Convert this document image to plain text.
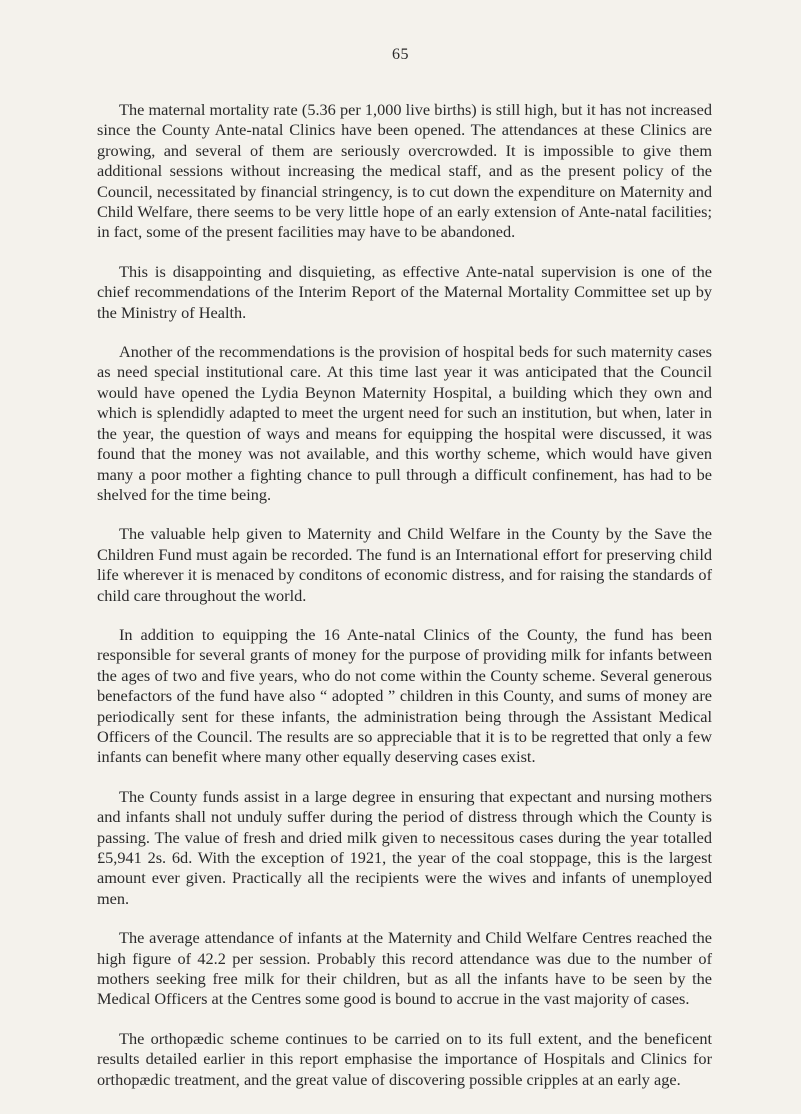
65

The maternal mortality rate (5.36 per 1,000 live births) is still high, but it has not increased since the County Ante-natal Clinics have been opened. The attendances at these Clinics are growing, and several of them are seriously overcrowded. It is impossible to give them additional sessions without increasing the medical staff, and as the present policy of the Council, necessitated by financial stringency, is to cut down the expenditure on Maternity and Child Welfare, there seems to be very little hope of an early extension of Ante-natal facilities; in fact, some of the present facilities may have to be abandoned.

This is disappointing and disquieting, as effective Ante-natal supervision is one of the chief recommendations of the Interim Report of the Maternal Mortality Committee set up by the Ministry of Health.

Another of the recommendations is the provision of hospital beds for such maternity cases as need special institutional care. At this time last year it was anticipated that the Council would have opened the Lydia Beynon Maternity Hospital, a building which they own and which is splendidly adapted to meet the urgent need for such an institution, but when, later in the year, the question of ways and means for equipping the hospital were discussed, it was found that the money was not available, and this worthy scheme, which would have given many a poor mother a fighting chance to pull through a difficult confinement, has had to be shelved for the time being.

The valuable help given to Maternity and Child Welfare in the County by the Save the Children Fund must again be recorded. The fund is an International effort for preserving child life wherever it is menaced by conditons of economic distress, and for raising the standards of child care throughout the world.

In addition to equipping the 16 Ante-natal Clinics of the County, the fund has been responsible for several grants of money for the purpose of providing milk for infants between the ages of two and five years, who do not come within the County scheme. Several generous benefactors of the fund have also “ adopted ” children in this County, and sums of money are periodically sent for these infants, the administration being through the Assistant Medical Officers of the Council. The results are so appreciable that it is to be regretted that only a few infants can benefit where many other equally deserving cases exist.

The County funds assist in a large degree in ensuring that expectant and nursing mothers and infants shall not unduly suffer during the period of distress through which the County is passing. The value of fresh and dried milk given to necessitous cases during the year totalled £5,941 2s. 6d. With the exception of 1921, the year of the coal stoppage, this is the largest amount ever given. Practically all the recipients were the wives and infants of unemployed men.

The average attendance of infants at the Maternity and Child Welfare Centres reached the high figure of 42.2 per session. Probably this record attendance was due to the number of mothers seeking free milk for their children, but as all the infants have to be seen by the Medical Officers at the Centres some good is bound to accrue in the vast majority of cases.

The orthopædic scheme continues to be carried on to its full extent, and the beneficent results detailed earlier in this report emphasise the importance of Hospitals and Clinics for orthopædic treatment, and the great value of discovering possible cripples at an early age.
